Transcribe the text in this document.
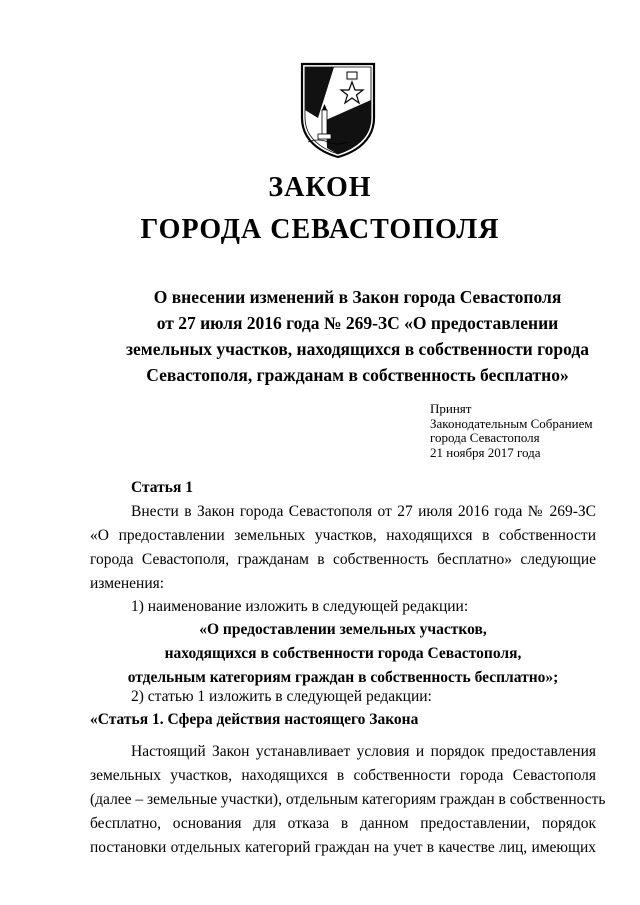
ЗАКОН
ГОРОДА СЕВАСТОПОЛЯ
О внесении изменений в Закон города Севастополя
от 27 июля 2016 года № 269-ЗС «О предоставлении
земельных участков, находящихся в собственности города
Севастополя, гражданам в собственность бесплатно»
Принят
Законодательным Собранием
города Севастополя
21 ноября 2017 года
Статья 1
Внести в Закон города Севастополя от 27 июля 2016 года № 269-ЗС
«О предоставлении земельных участков, находящихся в собственности
города Севастополя, гражданам в собственность бесплатно» следующие
изменения:
1) наименование изложить в следующей редакции:
«О предоставлении земельных участков,
находящихся в собственности города Севастополя,
отдельным категориям граждан в собственность бесплатно»;
2) статью 1 изложить в следующей редакции:
«Статья 1. Сфера действия настоящего Закона
Настоящий Закон устанавливает условия и порядок предоставления
земельных участков, находящихся в собственности города Севастополя
(далее – земельные участки), отдельным категориям граждан в собственность
бесплатно, основания для отказа в данном предоставлении, порядок
постановки отдельных категорий граждан на учет в качестве лиц, имеющих
